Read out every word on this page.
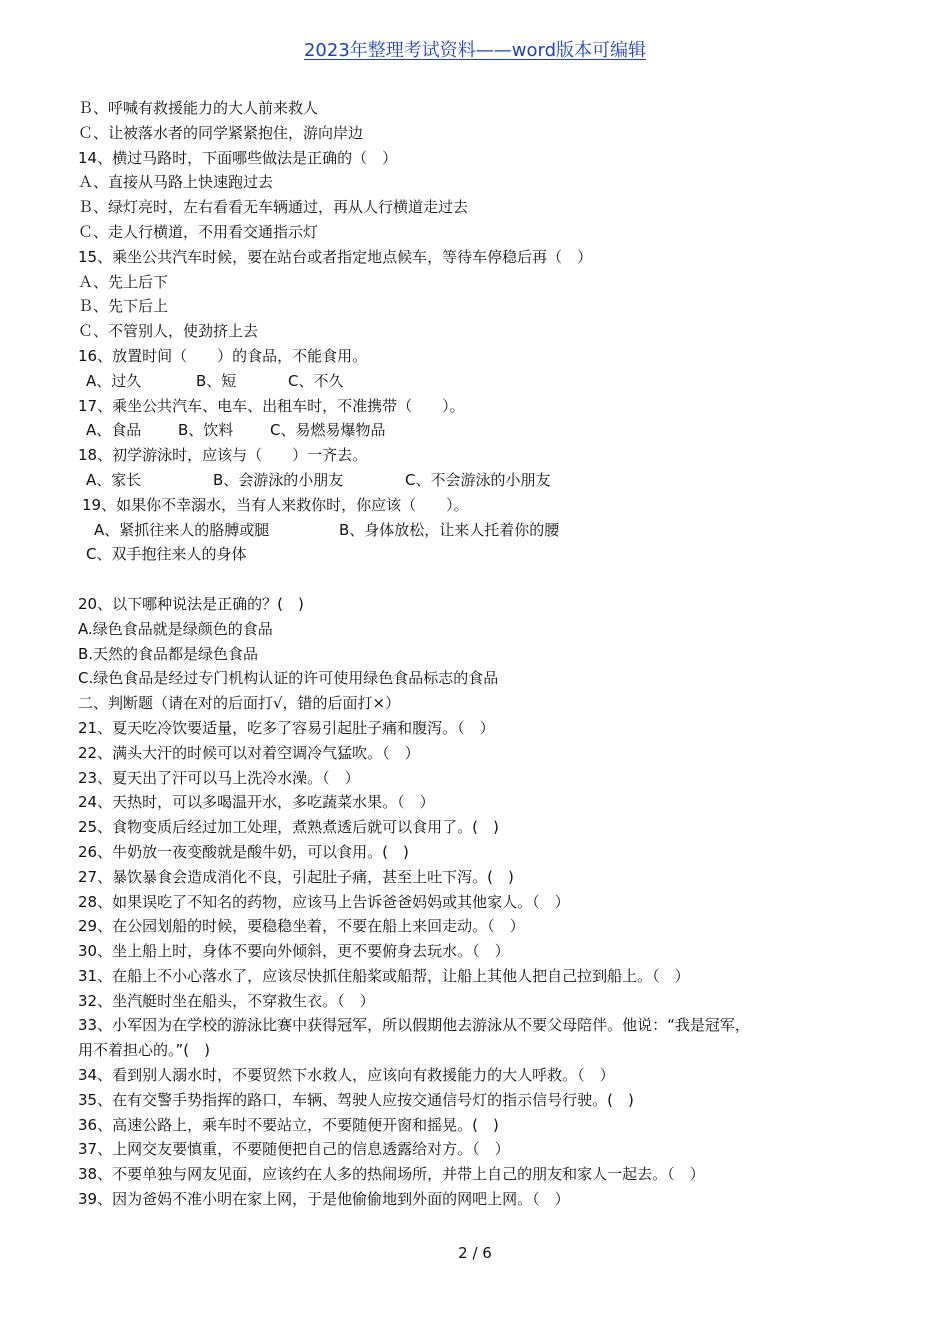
2023年整理考试资料——word版本可编辑
Ｂ、呼喊有救援能力的大人前来救人
Ｃ、让被落水者的同学紧紧抱住，游向岸边
14、横过马路时，下面哪些做法是正确的（　）
Ａ、直接从马路上快速跑过去
Ｂ、绿灯亮时，左右看看无车辆通过，再从人行横道走过去
Ｃ、走人行横道，不用看交通指示灯
15、乘坐公共汽车时候，要在站台或者指定地点候车，等待车停稳后再（　）
Ａ、先上后下
Ｂ、先下后上
Ｃ、不管别人，使劲挤上去
16、放置时间（　　）的食品，不能食用。
A、过久	B、短	C、不久
17、乘坐公共汽车、电车、出租车时，不准携带（　　）。
A、食品	B、饮料	C、易燃易爆物品
18、初学游泳时，应该与（　　）一齐去。
A、家长	B、会游泳的小朋友	C、不会游泳的小朋友
19、如果你不幸溺水，当有人来救你时，你应该（　　）。
A、紧抓往来人的胳膊或腿	B、身体放松，让来人托着你的腰
C、双手抱往来人的身体
20、以下哪种说法是正确的？(　)
A.绿色食品就是绿颜色的食品
B.天然的食品都是绿色食品
C.绿色食品是经过专门机构认证的许可使用绿色食品标志的食品
二、判断题（请在对的后面打√，错的后面打×）
21、夏天吃冷饮要适量，吃多了容易引起肚子痛和腹泻。（　）
22、满头大汗的时候可以对着空调冷气猛吹。（　）
23、夏天出了汗可以马上洗冷水澡。（　）
24、天热时，可以多喝温开水，多吃蔬菜水果。（　）
25、食物变质后经过加工处理，煮熟煮透后就可以食用了。(　)
26、牛奶放一夜变酸就是酸牛奶，可以食用。(　)
27、暴饮暴食会造成消化不良，引起肚子痛，甚至上吐下泻。(　)
28、如果误吃了不知名的药物，应该马上告诉爸爸妈妈或其他家人。（　）
29、在公园划船的时候，要稳稳坐着，不要在船上来回走动。（　）
30、坐上船上时，身体不要向外倾斜，更不要俯身去玩水。（　）
31、在船上不小心落水了，应该尽快抓住船桨或船帮，让船上其他人把自己拉到船上。（　）
32、坐汽艇时坐在船头，不穿救生衣。（　）
33、小军因为在学校的游泳比赛中获得冠军，所以假期他去游泳从不要父母陪伴。他说：“我是冠军，
用不着担心的。”(　)
34、看到别人溺水时，不要贸然下水救人，应该向有救援能力的大人呼救。（　）
35、在有交警手势指挥的路口，车辆、驾驶人应按交通信号灯的指示信号行驶。(　)
36、高速公路上，乘车时不要站立，不要随便开窗和摇晃。(　)
37、上网交友要慎重，不要随便把自己的信息透露给对方。（　）
38、不要单独与网友见面，应该约在人多的热闹场所，并带上自己的朋友和家人一起去。（　）
39、因为爸妈不准小明在家上网，于是他偷偷地到外面的网吧上网。（　）
2 / 6
